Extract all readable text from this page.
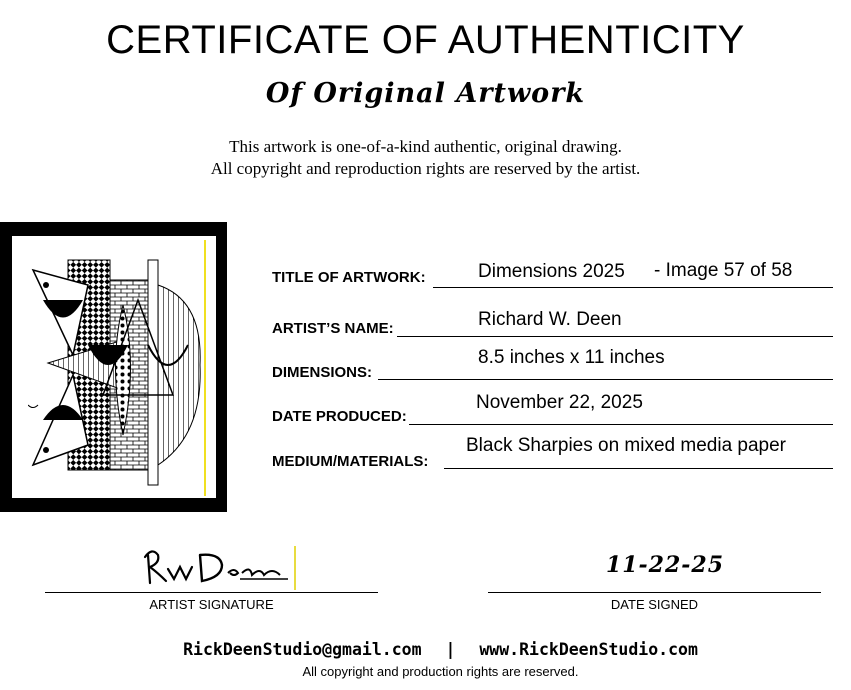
CERTIFICATE OF AUTHENTICITY
Of Original Artwork
This artwork is one-of-a-kind authentic, original drawing.
All copyright and reproduction rights are reserved by the artist.
TITLE OF ARTWORK:	Dimensions 2025 - Image 57 of 58
ARTIST’S NAME:	Richard W. Deen
DIMENSIONS:
8.5 inches x 11 inches
DATE PRODUCED:
November 22, 2025
MEDIUM/MATERIALS:
Black Sharpies on mixed media paper
ARTIST SIGNATURE
11-22-25
DATE SIGNED
RickDeenStudio@gmail.com | www.RickDeenStudio.com
All copyright and production rights are reserved.
